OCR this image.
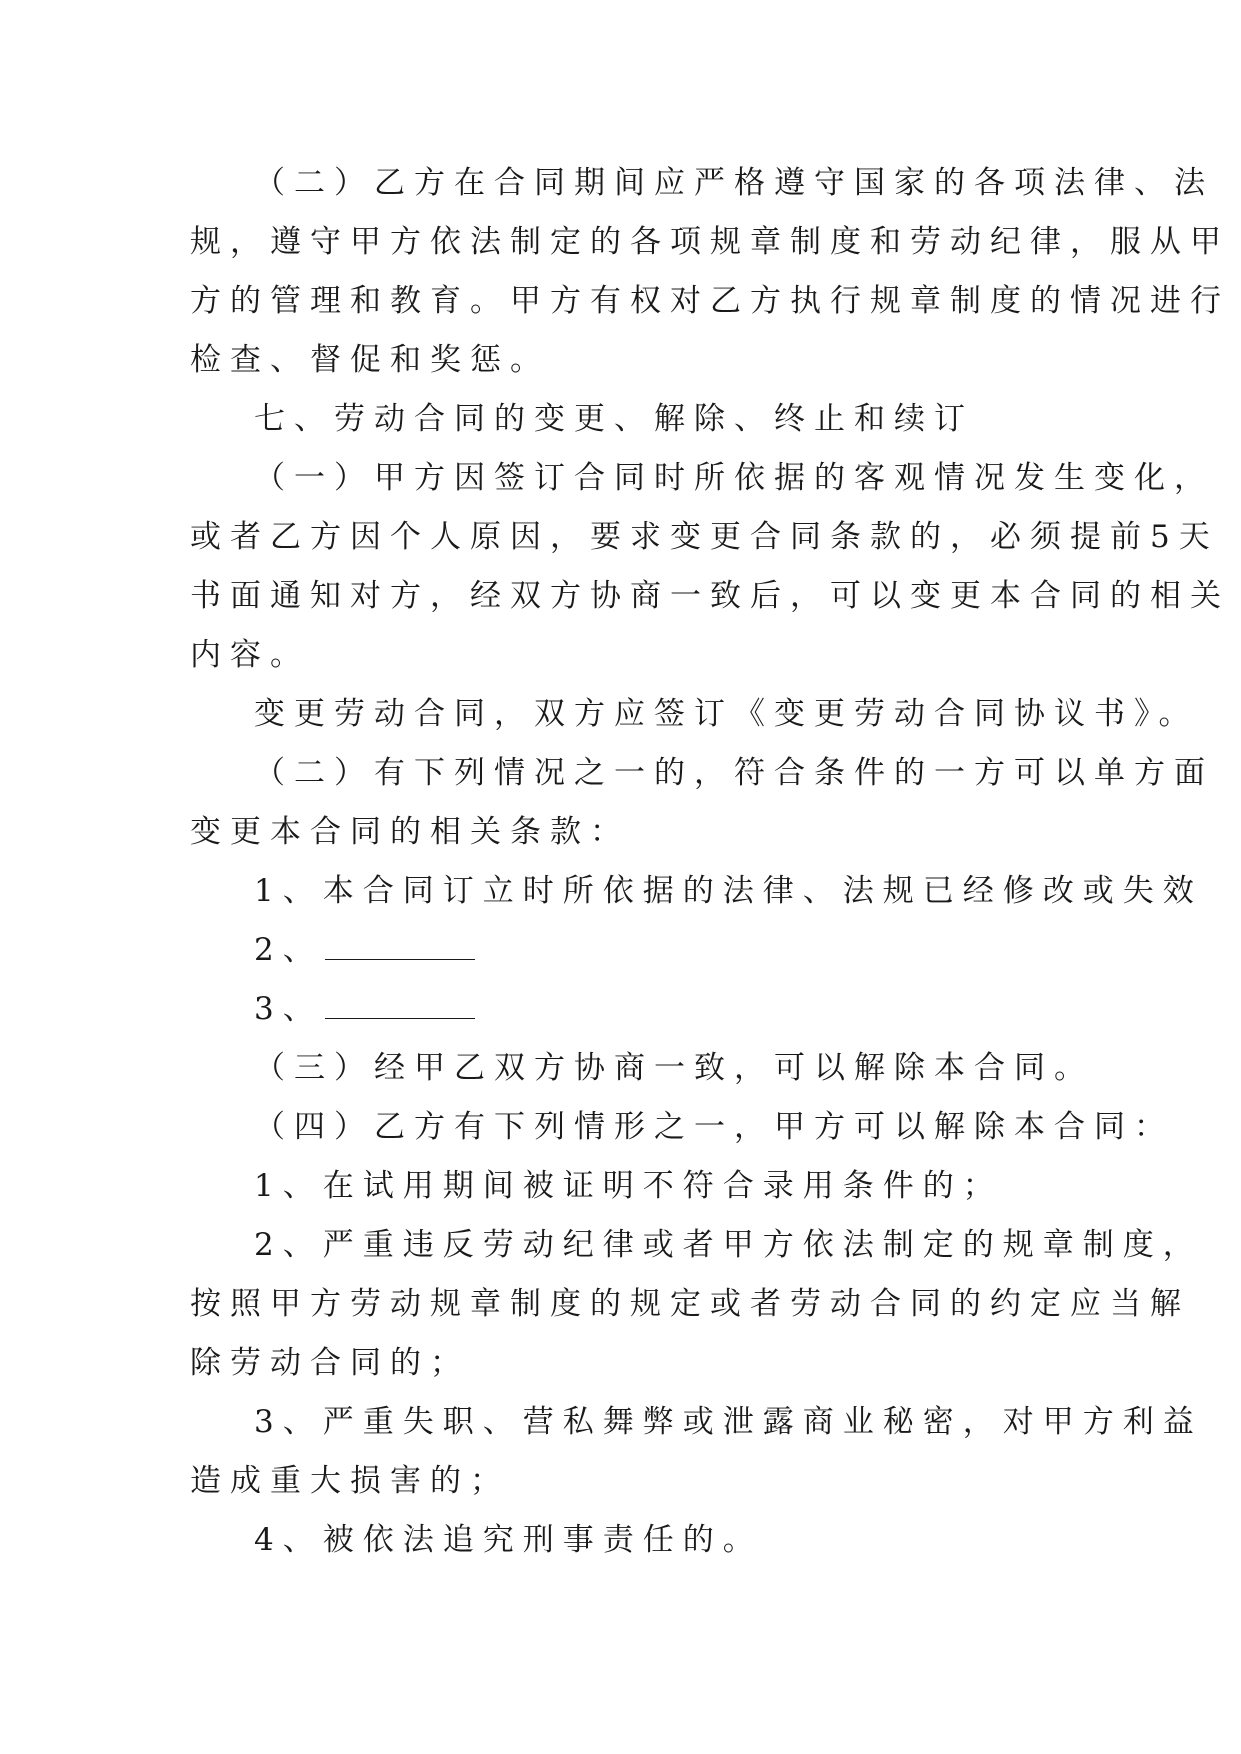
（二）乙方在合同期间应严格遵守国家的各项法律、法
规，遵守甲方依法制定的各项规章制度和劳动纪律，服从甲
方的管理和教育。甲方有权对乙方执行规章制度的情况进行
检查、督促和奖惩。
七、劳动合同的变更、解除、终止和续订
（一）甲方因签订合同时所依据的客观情况发生变化，
或者乙方因个人原因，要求变更合同条款的，必须提前5天
书面通知对方，经双方协商一致后，可以变更本合同的相关
内容。
变更劳动合同，双方应签订《变更劳动合同协议书》。
（二）有下列情况之一的，符合条件的一方可以单方面
变更本合同的相关条款：
1、本合同订立时所依据的法律、法规已经修改或失效
2、
3、
（三）经甲乙双方协商一致，可以解除本合同。
（四）乙方有下列情形之一，甲方可以解除本合同：
1、在试用期间被证明不符合录用条件的；
2、严重违反劳动纪律或者甲方依法制定的规章制度，
按照甲方劳动规章制度的规定或者劳动合同的约定应当解
除劳动合同的；
3、严重失职、营私舞弊或泄露商业秘密，对甲方利益
造成重大损害的；
4、被依法追究刑事责任的。
